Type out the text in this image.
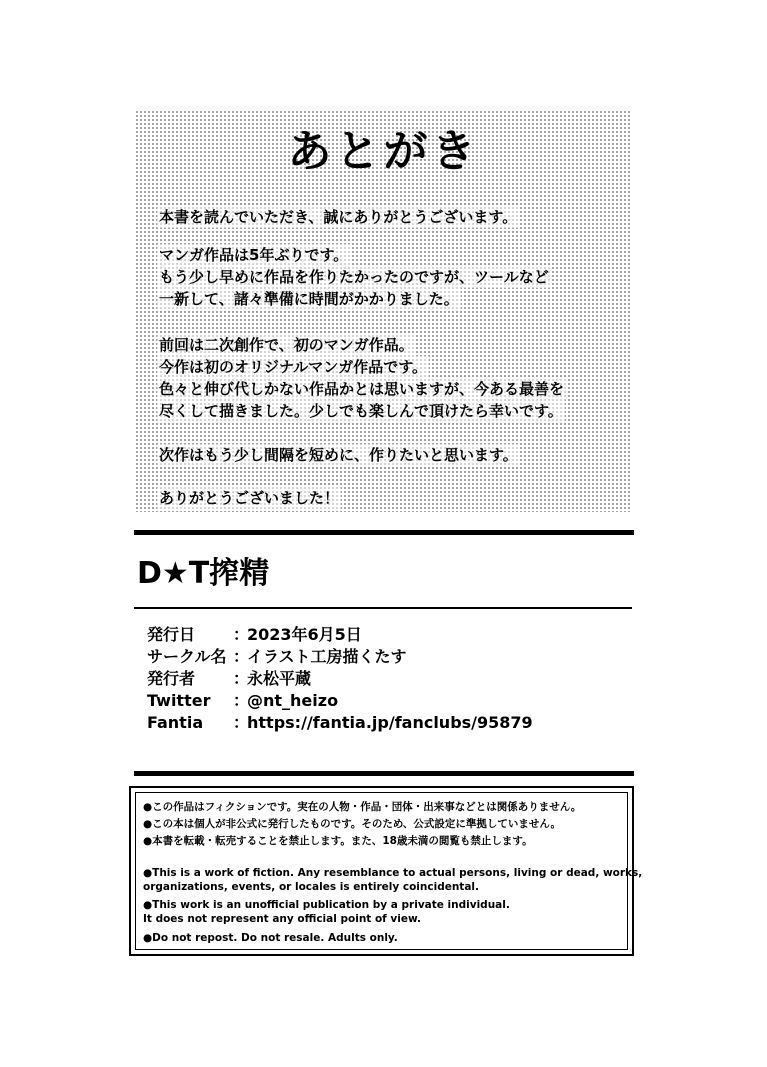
あとがき
本書を読んでいただき、誠にありがとうございます。
マンガ作品は5年ぶりです。
もう少し早めに作品を作りたかったのですが、ツールなど
一新して、諸々準備に時間がかかりました。
前回は二次創作で、初のマンガ作品。
今作は初のオリジナルマンガ作品です。
色々と伸び代しかない作品かとは思いますが、今ある最善を
尽くして描きました。少しでも楽しんで頂けたら幸いです。
次作はもう少し間隔を短めに、作りたいと思います。
ありがとうございました！
D★T搾精
発行日 ：2023年6月5日
サークル名 ：イラスト工房描くたす
発行者 ：永松平蔵
Twitter ：@nt_heizo
Fantia ：https://fantia.jp/fanclubs/95879
●この作品はフィクションです。実在の人物・作品・団体・出来事などとは関係ありません。
●この本は個人が非公式に発行したものです。そのため、公式設定に準拠していません。
●本書を転載・転売することを禁止します。また、18歳未満の閲覧も禁止します。
●This is a work of fiction. Any resemblance to actual persons, living or dead, works,
organizations, events, or locales is entirely coincidental.
●This work is an unofficial publication by a private individual.
It does not represent any official point of view.
●Do not repost. Do not resale. Adults only.
